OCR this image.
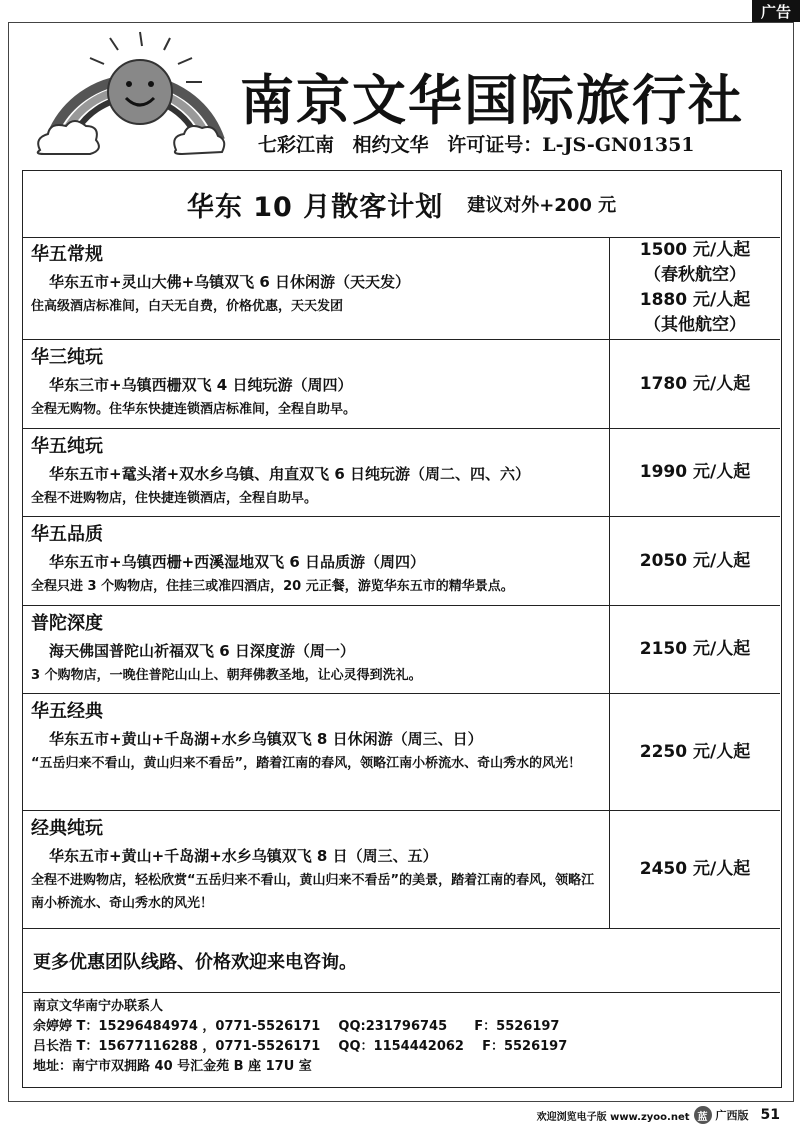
广告
南京文华国际旅行社
七彩江南 相约文华 许可证号：L-JS-GN01351
华东 10 月散客计划 建议对外+200 元
华五常规
华东五市+灵山大佛+乌镇双飞 6 日休闲游（天天发）
住高级酒店标准间，白天无自费，价格优惠，天天发团
1500 元/人起
（春秋航空）
1880 元/人起
（其他航空）
华三纯玩
华东三市+乌镇西栅双飞 4 日纯玩游（周四）
全程无购物。住华东快捷连锁酒店标准间，全程自助早。
1780 元/人起
华五纯玩
华东五市+鼋头渚+双水乡乌镇、甪直双飞 6 日纯玩游（周二、四、六）
全程不进购物店，住快捷连锁酒店，全程自助早。
1990 元/人起
华五品质
华东五市+乌镇西栅+西溪湿地双飞 6 日品质游（周四）
全程只进 3 个购物店，住挂三或准四酒店，20 元正餐，游览华东五市的精华景点。
2050 元/人起
普陀深度
海天佛国普陀山祈福双飞 6 日深度游（周一）
3 个购物店，一晚住普陀山山上、朝拜佛教圣地，让心灵得到洗礼。
2150 元/人起
华五经典
华东五市+黄山+千岛湖+水乡乌镇双飞 8 日休闲游（周三、日）
“五岳归来不看山，黄山归来不看岳”，踏着江南的春风，领略江南小桥流水、奇山秀水的风光！
2250 元/人起
经典纯玩
华东五市+黄山+千岛湖+水乡乌镇双飞 8 日（周三、五）
全程不进购物店，轻松欣赏“五岳归来不看山，黄山归来不看岳”的美景，踏着江南的春风，领略江南小桥流水、奇山秀水的风光！
2450 元/人起
更多优惠团队线路、价格欢迎来电咨询。
南京文华南宁办联系人
余婷婷 T：15296484974 ，0771-5526171    QQ:231796745      F：5526197
吕长浩 T：15677116288 ，0771-5526171    QQ：1154442062    F：5526197
地址：南宁市双拥路 40 号汇金苑 B 座 17U 室
欢迎浏览电子版 www.zyoo.net 蓝 广西版 51
